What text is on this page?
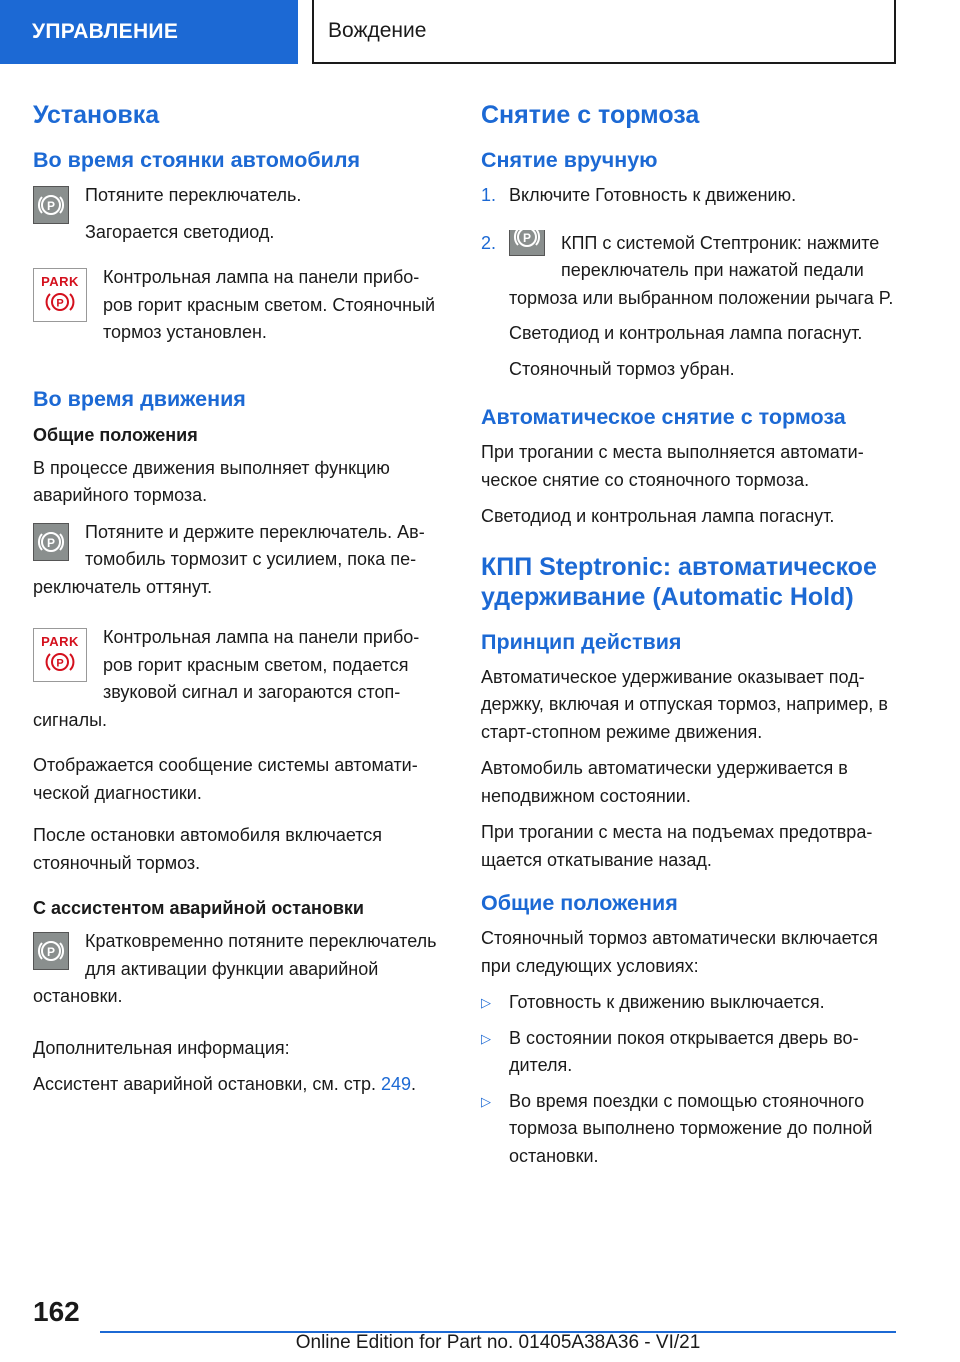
УПРАВЛЕНИЕ	Вождение
Установка
Во время стоянки автомобиля
P

Потяните переключатель.

Загорается светодиод.

PARK
P

Контрольная лампа на панели приборов горит красным светом. Стояночный тормоз установлен.

Во время движения
Общие положения

В процессе движения выполняет функцию аварийного тормоза.

P

Потяните и держите переключатель. Автомобиль тормозит с усилием, пока переключатель оттянут.

PARK
P

Контрольная лампа на панели приборов горит красным светом, подается звуковой сигнал и загораются стоп-сигналы.

Отображается сообщение системы автоматической диагностики.

После остановки автомобиля включается стояночный тормоз.

С ассистентом аварийной остановки
P

Кратковременно потяните переключатель для активации функции аварийной остановки.

Дополнительная информация:

Ассистент аварийной остановки, см. стр. 249.

Снятие с тормоза
Снятие вручную
1. Включите Готовность к движению.

2.	P	КПП с системой Стептроник: нажмите переключатель при нажатой педали тормоза или выбранном положении рычага P.

Светодиод и контрольная лампа погаснут.

Стояночный тормоз убран.

Автоматическое снятие с тормоза

При трогании с места выполняется автоматическое снятие со стояночного тормоза.

Светодиод и контрольная лампа погаснут.

КПП Steptronic: автоматическое удерживание (Automatic Hold)
Принцип действия

Автоматическое удерживание оказывает поддержку, включая и отпуская тормоз, например, в старт-стопном режиме движения.

Автомобиль автоматически удерживается в неподвижном состоянии.

При трогании с места на подъемах предотвращается откатывание назад.

Общие положения

Стояночный тормоз автоматически включается при следующих условиях:

▷	Готовность к движению выключается.
▷	В состоянии покоя открывается дверь водителя.
▷	Во время поездки с помощью стояночного тормоза выполнено торможение до полной остановки.
162
Online Edition for Part no. 01405A38A36 - VI/21
